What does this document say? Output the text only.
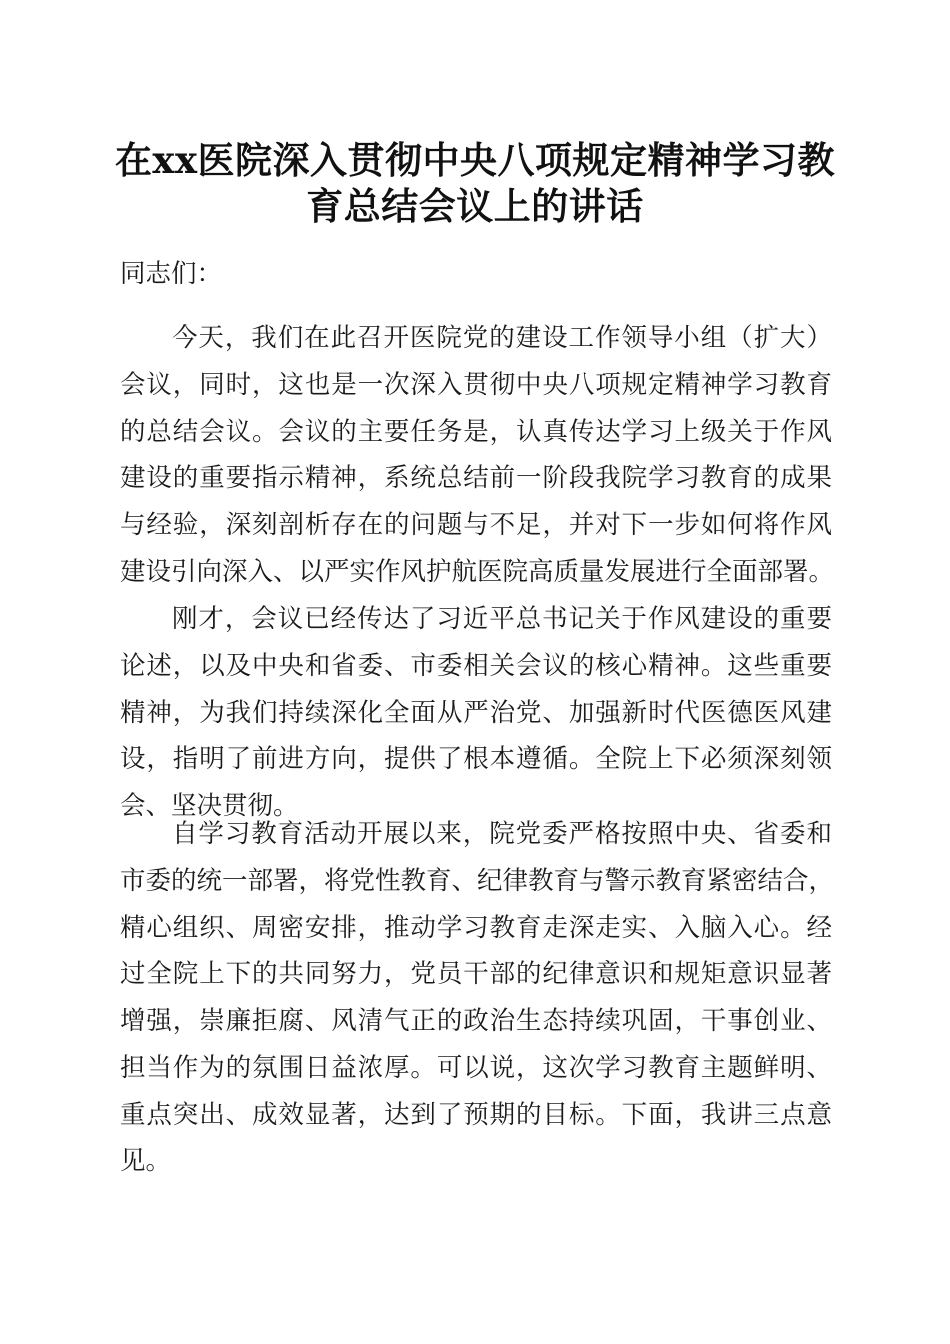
在xx医院深入贯彻中央八项规定精神学习教
育总结会议上的讲话

同志们：

今天，我们在此召开医院党的建设工作领导小组（扩大）
会议，同时，这也是一次深入贯彻中央八项规定精神学习教育
的总结会议。会议的主要任务是，认真传达学习上级关于作风
建设的重要指示精神，系统总结前一阶段我院学习教育的成果
与经验，深刻剖析存在的问题与不足，并对下一步如何将作风
建设引向深入、以严实作风护航医院高质量发展进行全面部署。
刚才，会议已经传达了习近平总书记关于作风建设的重要
论述，以及中央和省委、市委相关会议的核心精神。这些重要
精神，为我们持续深化全面从严治党、加强新时代医德医风建
设，指明了前进方向，提供了根本遵循。全院上下必须深刻领
会、坚决贯彻。
自学习教育活动开展以来，院党委严格按照中央、省委和
市委的统一部署，将党性教育、纪律教育与警示教育紧密结合，
精心组织、周密安排，推动学习教育走深走实、入脑入心。经
过全院上下的共同努力，党员干部的纪律意识和规矩意识显著
增强，崇廉拒腐、风清气正的政治生态持续巩固，干事创业、
担当作为的氛围日益浓厚。可以说，这次学习教育主题鲜明、
重点突出、成效显著，达到了预期的目标。下面，我讲三点意
见。
